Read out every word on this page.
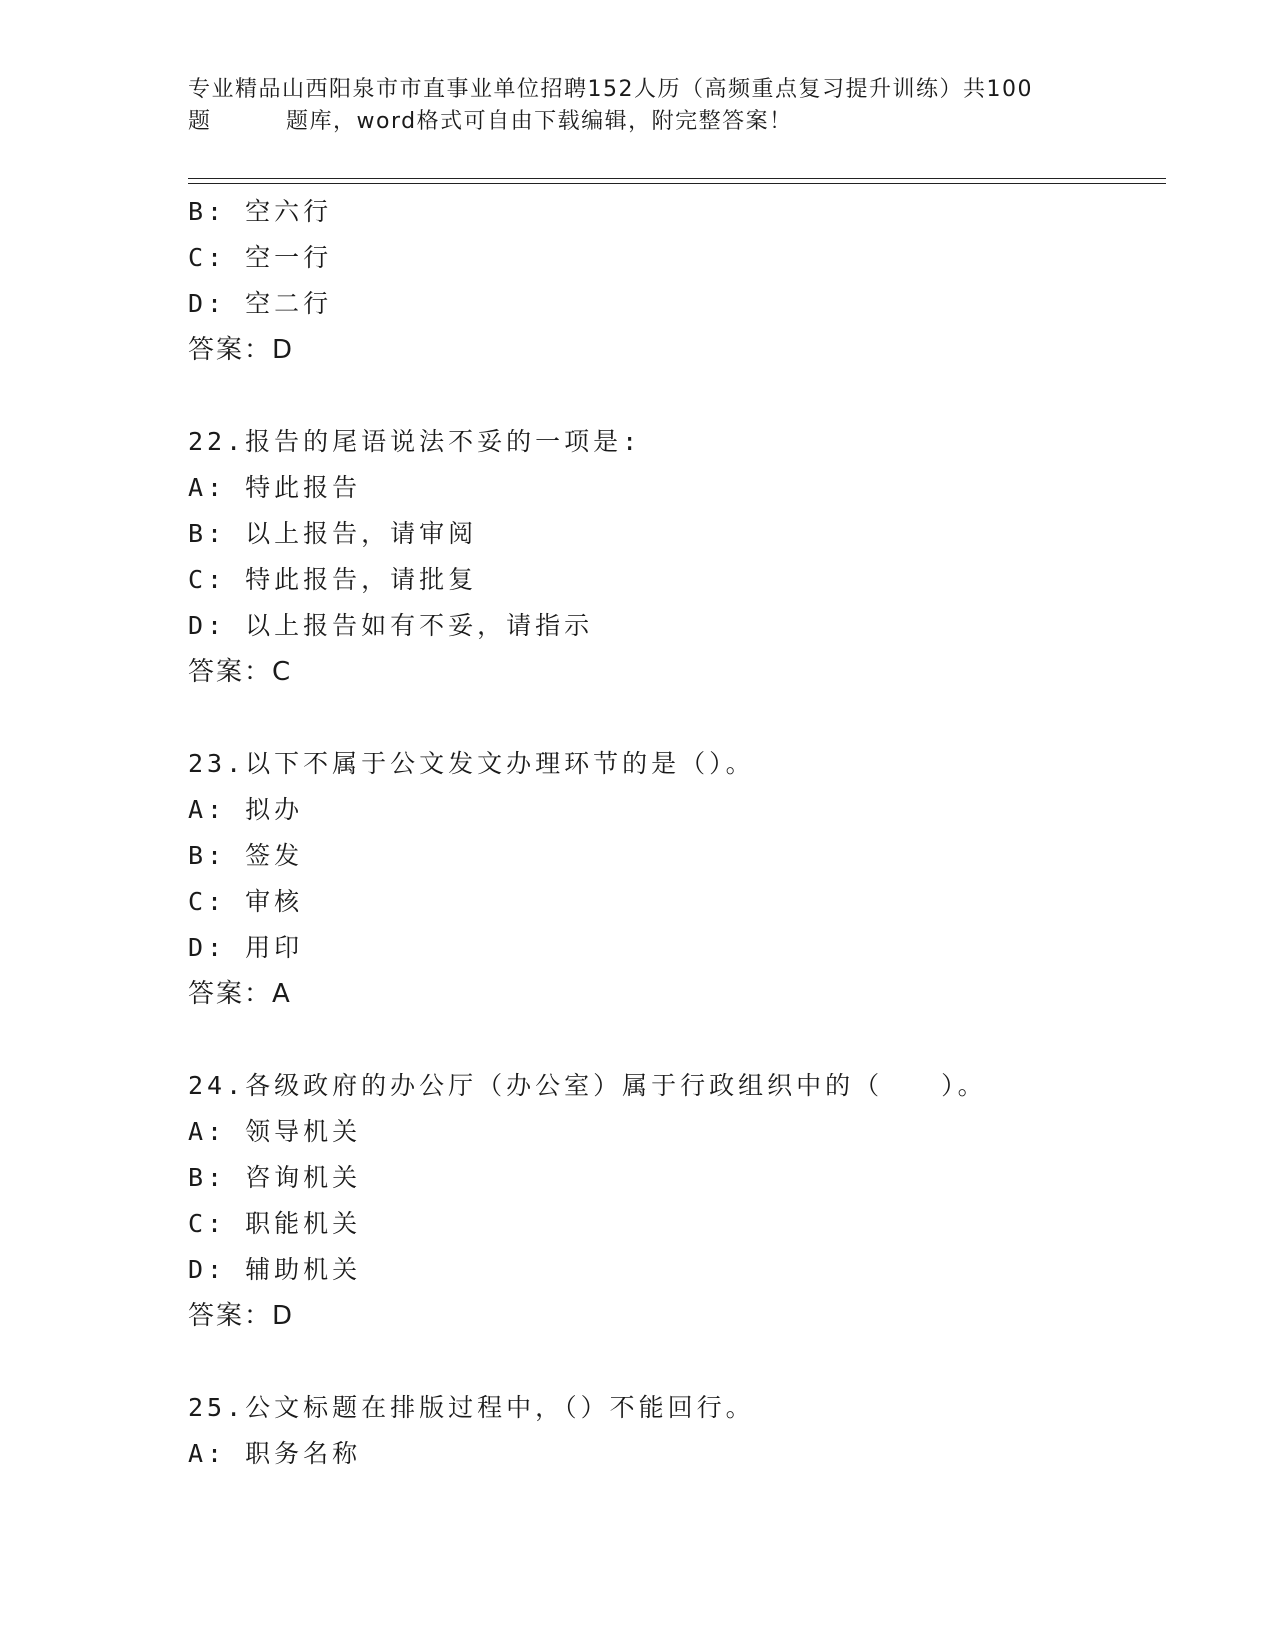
专业精品山西阳泉市市直事业单位招聘152人历（高频重点复习提升训练）共100
题	题库，word格式可自由下载编辑，附完整答案！
B: 空六行
C: 空一行
D: 空二行
答案：D
22.报告的尾语说法不妥的一项是:
A: 特此报告
B: 以上报告，请审阅
C: 特此报告，请批复
D: 以上报告如有不妥，请指示
答案：C
23.以下不属于公文发文办理环节的是（）。
A: 拟办
B: 签发
C: 审核
D: 用印
答案：A
24.各级政府的办公厅（办公室）属于行政组织中的（　　）。
A: 领导机关
B: 咨询机关
C: 职能机关
D: 辅助机关
答案：D
25.公文标题在排版过程中，（）不能回行。
A: 职务名称
